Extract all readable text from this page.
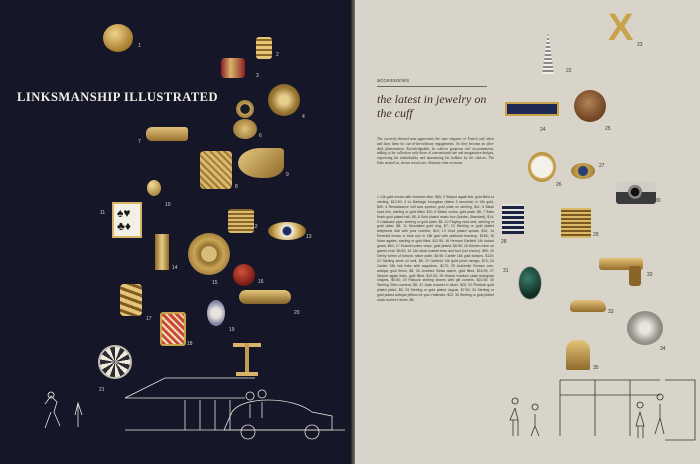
LINKSMANSHIP ILLUSTRATED
1
2
3
4
6
7
8
9
10
♠♥
♣♦
11
12
13
14
15	16
17
18
19
20
21
accessories
the latest in jewelry on the cuff
The correctly-dressed man appreciates the sane elegance of French cuff shirts and dons them for out-of-the-ordinary engagements. So they become an after-dark phenomenon. Knowledgeable, he collects gorgeous cuff accoutrements, adding to his collection only those of conventional size and imaginative designs, expressing his individuality and announcing his hobbies by his choices. The links around us, shown actual size, illustrate what we mean.
1 14k gold nectar with emerald olive, $65; 2 Striped agate link, gold filled or sterling, $12.50; 3 Le Barbage hourglass (takes 3 seconds) in 14k gold, $60; 4 Renaissance cell saw symbol, gold plate on sterling, $11; 5 Black eyes link, sterling or gold filled, $10; 6 Watch works, gold plate, $8; 7 Satin finish gold plated ball, $8; 8 Gold plated music box (Adobe, Standard), $14; 9 Calabash pipe, sterling or gold plate, $8; 10 Playing card sets, sterling or gold plate, $8; 11 Simulated gold ring, $7; 12 Sterling or gold plated telephone dial with your number, $10; 13 Gold plated spirals, $10; 14 Emerald brown or blue eye in 18k gold with platinum teardrop, $165; 15 Nose agates, sterling or gold filled, $12.50; 16 Herman Garfield 14k locked gears, $60; 17 Enamel poker chips, gold plated, $8.50; 18 Kitchen mice on garnet oval, $5.50; 19 14k stock market bear and bull (not shown), $50; 20 Derby wheel of fortune, silver plate, $5.95; Cartier 18k gold buttons, $125; 22 Sterling silver oil well, $8; 23 Garfield 14k gold pinch design, $74; 24 Cartier 18k link links with sapphires, $170; 25 Authentic Roman coin, antique gold finish, $8; 26 Jeweled Swiss watch, gold filled, $16.95; 27 Striped agate links, gold filled, $12.50; 28 Hickok rhodium plate triangular shapes, $5.50; 29 Hickock sterling stones with gilt corners, $22.50; 30 Sterling Zitiro camera, $8; 31 Jade enamel in silver, $25; 32 Flintlock gold plated pistol, $8; 33 Sterling or gold plated Jaguar, $7.50; 34 Sterling or gold plated antique pillbox for your Hallmark, $22; 35 Sterling or gold plated stock broker's ticker, $8.
22
X 23
24	25
26
27
30
28
29
31
32
33
34
35
